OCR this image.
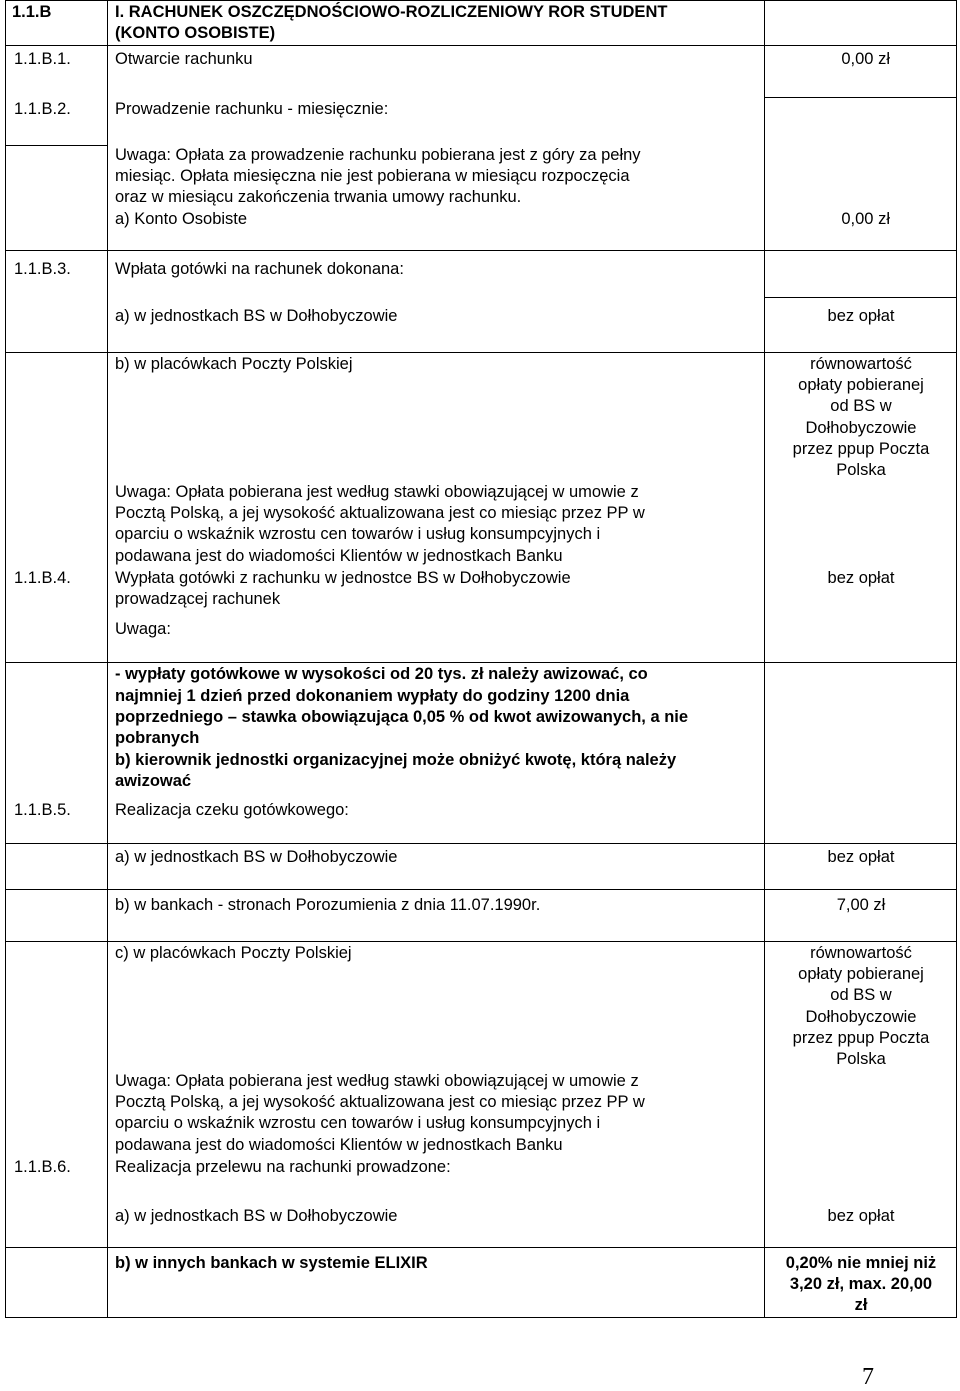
1.1.B	I. RACHUNEK OSZCZĘDNOŚCIOWO-ROZLICZENIOWY ROR STUDENT
(KONTO OSOBISTE)
1.1.B.1.	Otwarcie rachunku	0,00 zł
1.1.B.2.	Prowadzenie rachunku - miesięcznie:
Uwaga: Opłata za prowadzenie rachunku pobierana jest z góry za pełny
miesiąc. Opłata miesięczna nie jest pobierana w miesiącu rozpoczęcia
oraz w miesiącu zakończenia trwania umowy rachunku.
a) Konto Osobiste	0,00 zł
1.1.B.3.	Wpłata gotówki na rachunek dokonana:
a) w jednostkach BS w Dołhobyczowie	bez opłat
b) w placówkach Poczty Polskiej	równowartość
opłaty pobieranej
od BS w
Dołhobyczowie
przez ppup Poczta
Polska
Uwaga: Opłata pobierana jest według stawki obowiązującej w umowie z
Pocztą Polską, a jej wysokość aktualizowana jest co miesiąc przez PP w
oparciu o wskaźnik wzrostu cen towarów i usług konsumpcyjnych i
podawana jest do wiadomości Klientów w jednostkach Banku
1.1.B.4.	Wypłata gotówki z rachunku w jednostce BS w Dołhobyczowie
prowadzącej rachunek
bez opłat
Uwaga:
- wypłaty gotówkowe w wysokości od 20 tys. zł należy awizować, co
najmniej 1 dzień przed dokonaniem wypłaty do godziny 1200 dnia
poprzedniego – stawka obowiązująca 0,05 % od kwot awizowanych, a nie
pobranych
b) kierownik jednostki organizacyjnej może obniżyć kwotę, którą należy
awizować
1.1.B.5.	Realizacja czeku gotówkowego:
a) w jednostkach BS w Dołhobyczowie	bez opłat
b) w bankach - stronach Porozumienia z dnia 11.07.1990r.	7,00 zł
c) w placówkach Poczty Polskiej	równowartość
opłaty pobieranej
od BS w
Dołhobyczowie
przez ppup Poczta
Polska
Uwaga: Opłata pobierana jest według stawki obowiązującej w umowie z
Pocztą Polską, a jej wysokość aktualizowana jest co miesiąc przez PP w
oparciu o wskaźnik wzrostu cen towarów i usług konsumpcyjnych i
podawana jest do wiadomości Klientów w jednostkach Banku
1.1.B.6.	Realizacja przelewu na rachunki prowadzone:
a) w jednostkach BS w Dołhobyczowie	bez opłat
b) w innych bankach w systemie ELIXIR	0,20% nie mniej niż
3,20 zł, max. 20,00
zł
7
